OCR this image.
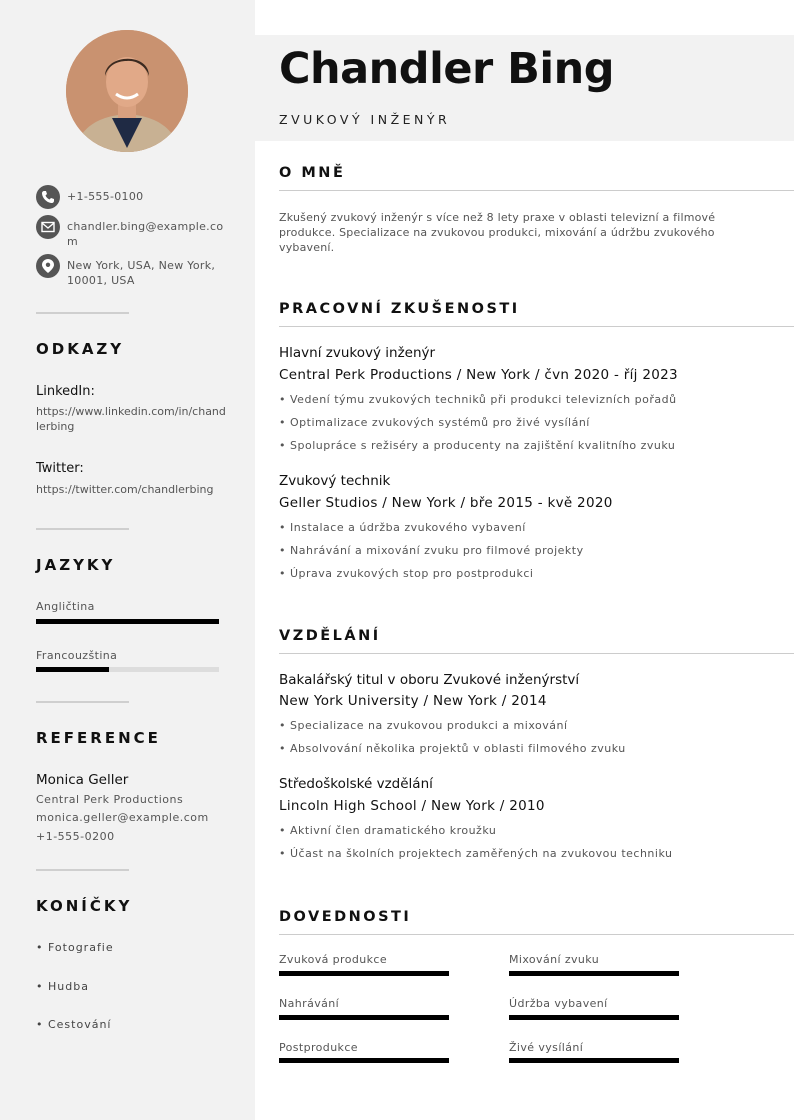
+1-555-0100
chandler.bing@example.com
New York, USA, New York, 10001, USA
ODKAZY
LinkedIn:
https://www.linkedin.com/in/chandlerbing
Twitter:
https://twitter.com/chandlerbing
JAZYKY
Angličtina
Francouzština
REFERENCE
Monica Geller
Central Perk Productions
monica.geller@example.com
+1-555-0200
KONÍČKY
• Fotografie
• Hudba
• Cestování
Chandler Bing
ZVUKOVÝ INŽENÝR
O MNĚ
Zkušený zvukový inženýr s více než 8 lety praxe v oblasti televizní a filmové produkce. Specializace na zvukovou produkci, mixování a údržbu zvukového vybavení.
PRACOVNÍ ZKUŠENOSTI
Hlavní zvukový inženýr
Central Perk Productions / New York / čvn 2020 - říj 2023
• Vedení týmu zvukových techniků při produkci televizních pořadů
• Optimalizace zvukových systémů pro živé vysílání
• Spolupráce s režiséry a producenty na zajištění kvalitního zvuku
Zvukový technik
Geller Studios / New York / bře 2015 - kvě 2020
• Instalace a údržba zvukového vybavení
• Nahrávání a mixování zvuku pro filmové projekty
• Úprava zvukových stop pro postprodukci
VZDĚLÁNÍ
Bakalářský titul v oboru Zvukové inženýrství
New York University / New York / 2014
• Specializace na zvukovou produkci a mixování
• Absolvování několika projektů v oblasti filmového zvuku
Středoškolské vzdělání
Lincoln High School / New York / 2010
• Aktivní člen dramatického kroužku
• Účast na školních projektech zaměřených na zvukovou techniku
DOVEDNOSTI
Zvuková produkce	Mixování zvuku
Nahrávání	Údržba vybavení
Postprodukce	Živé vysílání
